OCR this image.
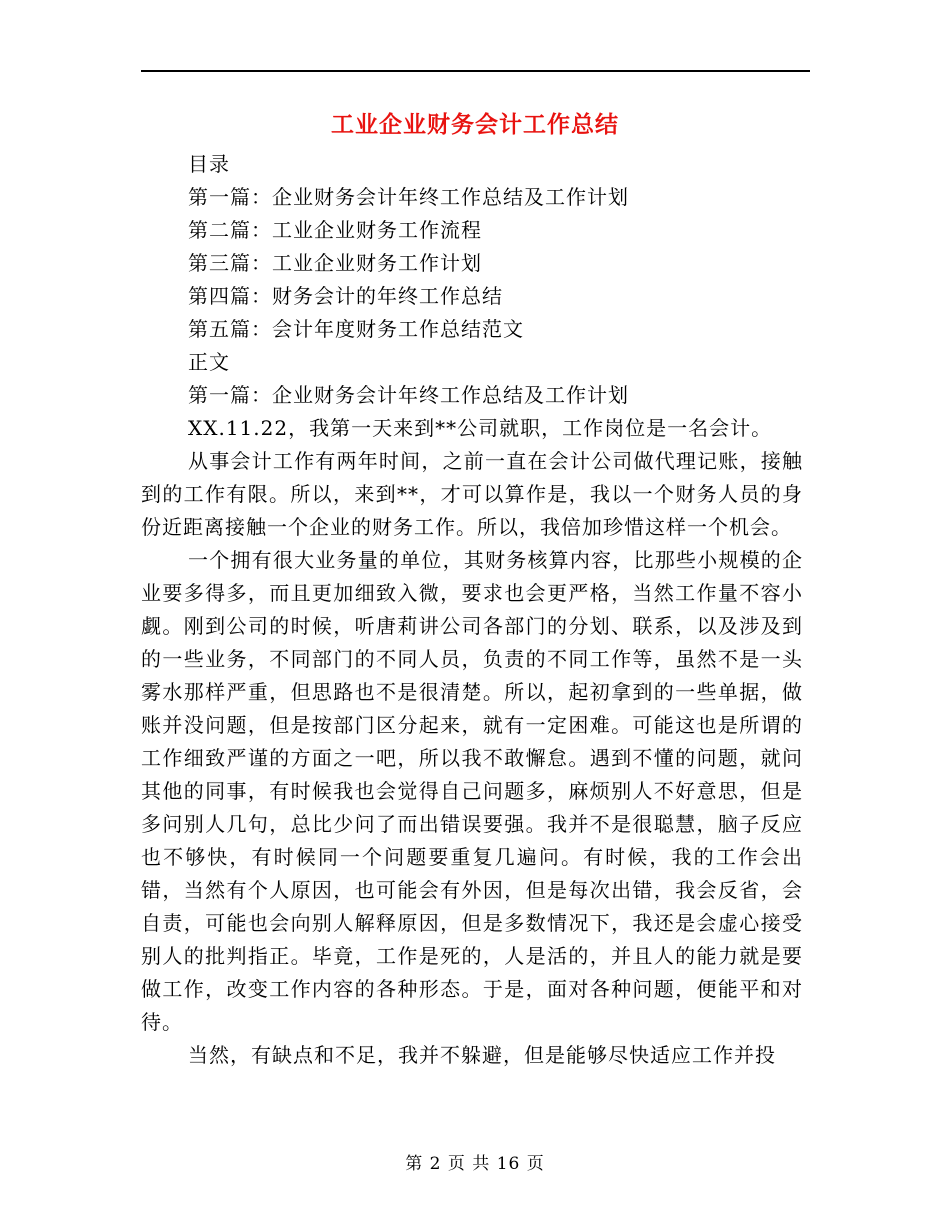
工业企业财务会计工作总结
目录
第一篇：企业财务会计年终工作总结及工作计划
第二篇：工业企业财务工作流程
第三篇：工业企业财务工作计划
第四篇：财务会计的年终工作总结
第五篇：会计年度财务工作总结范文
正文
第一篇：企业财务会计年终工作总结及工作计划

XX.11.22，我第一天来到**公司就职，工作岗位是一名会计。

从事会计工作有两年时间，之前一直在会计公司做代理记账，接触到的工作有限。所以，来到**，才可以算作是，我以一个财务人员的身份近距离接触一个企业的财务工作。所以，我倍加珍惜这样一个机会。

一个拥有很大业务量的单位，其财务核算内容，比那些小规模的企业要多得多，而且更加细致入微，要求也会更严格，当然工作量不容小觑。刚到公司的时候，听唐莉讲公司各部门的分划、联系，以及涉及到的一些业务，不同部门的不同人员，负责的不同工作等，虽然不是一头雾水那样严重，但思路也不是很清楚。所以，起初拿到的一些单据，做账并没问题，但是按部门区分起来，就有一定困难。可能这也是所谓的工作细致严谨的方面之一吧，所以我不敢懈怠。遇到不懂的问题，就问其他的同事，有时候我也会觉得自己问题多，麻烦别人不好意思，但是多问别人几句，总比少问了而出错误要强。我并不是很聪慧，脑子反应也不够快，有时候同一个问题要重复几遍问。有时候，我的工作会出错，当然有个人原因，也可能会有外因，但是每次出错，我会反省，会自责，可能也会向别人解释原因，但是多数情况下，我还是会虚心接受别人的批判指正。毕竟，工作是死的，人是活的，并且人的能力就是要做工作，改变工作内容的各种形态。于是，面对各种问题，便能平和对待。

当然，有缺点和不足，我并不躲避，但是能够尽快适应工作并投

第 2 页 共 16 页
